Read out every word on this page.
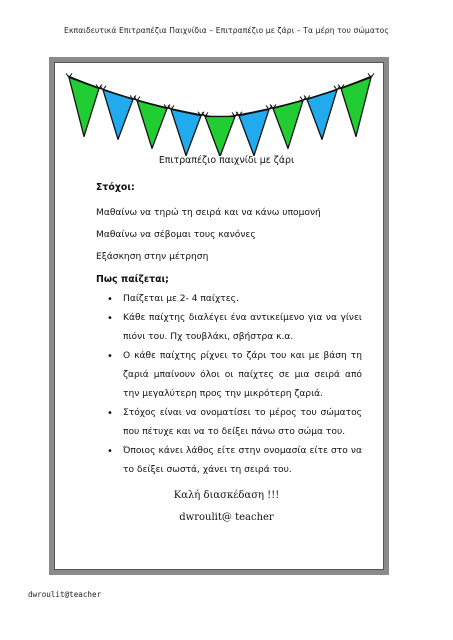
Εκπαιδευτικά Επιτραπέζια Παιχνίδια – Επιτραπέζιο με ζάρι – Τα μέρη του σώματος
Επιτραπέζιο παιχνίδι με ζάρι
Στόχοι:
Μαθαίνω να τηρώ τη σειρά και να κάνω υπομονή
Μαθαίνω να σέβομαι τους κανόνες
Εξάσκηση στην μέτρηση
Πως παίζεται;
• Παίζεται με 2- 4 παίχτες.
• Κάθε παίχτης διαλέγει ένα αντικείμενο για να γίνει πιόνι του. Πχ τουβλάκι, σβήστρα κ.α.
• Ο κάθε παίχτης ρίχνει το ζάρι του και με βάση τη ζαριά μπαίνουν όλοι οι παίχτες σε μια σειρά από την μεγαλύτερη προς την μικρότερη ζαριά.
• Στόχος είναι να ονοματίσει το μέρος του σώματος που πέτυχε και να το δείξει πάνω στο σώμα του.
• Όποιος κάνει λάθος είτε στην ονομασία είτε στο να το δείξει σωστά, χάνει τη σειρά του.
Καλή διασκέδαση !!!
dwroulit@ teacher
dwroulit@teacher
